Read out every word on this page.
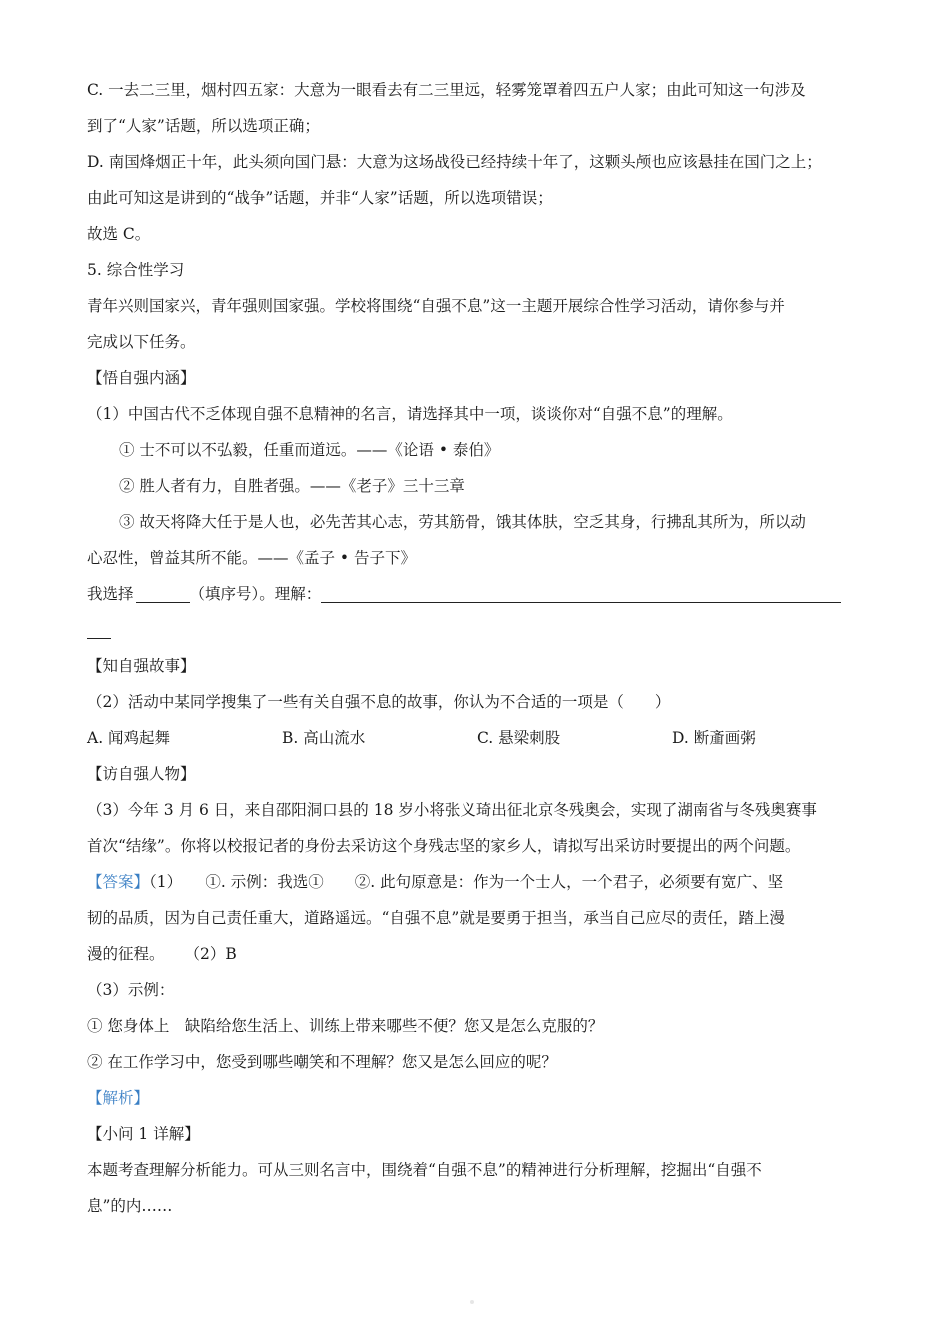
C. 一去二三里，烟村四五家：大意为一眼看去有二三里远，轻雾笼罩着四五户人家；由此可知这一句涉及
到了“人家”话题，所以选项正确；
D. 南国烽烟正十年，此头须向国门悬：大意为这场战役已经持续十年了，这颗头颅也应该悬挂在国门之上；
由此可知这是讲到的“战争”话题，并非“人家”话题，所以选项错误；
故选 C。
5. 综合性学习
青年兴则国家兴，青年强则国家强。学校将围绕“自强不息”这一主题开展综合性学习活动，请你参与并
完成以下任务。
【悟自强内涵】
（1）中国古代不乏体现自强不息精神的名言，请选择其中一项，谈谈你对“自强不息”的理解。
① 士不可以不弘毅，任重而道远。——《论语 • 泰伯》
② 胜人者有力，自胜者强。——《老子》三十三章
③ 故天将降大任于是人也，必先苦其心志，劳其筋骨，饿其体肤，空乏其身，行拂乱其所为，所以动
心忍性，曾益其所不能。——《孟子 • 告子下》
我选择	（填序号）。理解：
【知自强故事】
（2）活动中某同学搜集了一些有关自强不息的故事，你认为不合适的一项是（　　）
A. 闻鸡起舞	B. 高山流水	C. 悬梁刺股	D. 断齑画粥
【访自强人物】
（3）今年 3 月 6 日，来自邵阳洞口县的 18 岁小将张义琦出征北京冬残奥会，实现了湖南省与冬残奥赛事
首次“结缘”。你将以校报记者的身份去采访这个身残志坚的家乡人，请拟写出采访时要提出的两个问题。
【答案】（1）　　①. 示例：我选①　　②. 此句原意是：作为一个士人，一个君子，必须要有宽广、坚
韧的品质，因为自己责任重大，道路遥远。“自强不息”就是要勇于担当，承当自己应尽的责任，踏上漫
漫的征程。 （2）B
（3）示例：
① 您身体上　缺陷给您生活上、训练上带来哪些不便？您又是怎么克服的？
② 在工作学习中，您受到哪些嘲笑和不理解？您又是怎么回应的呢？
【解析】
【小问 1 详解】
本题考查理解分析能力。可从三则名言中，围绕着“自强不息”的精神进行分析理解，挖掘出“自强不
息”的内……
